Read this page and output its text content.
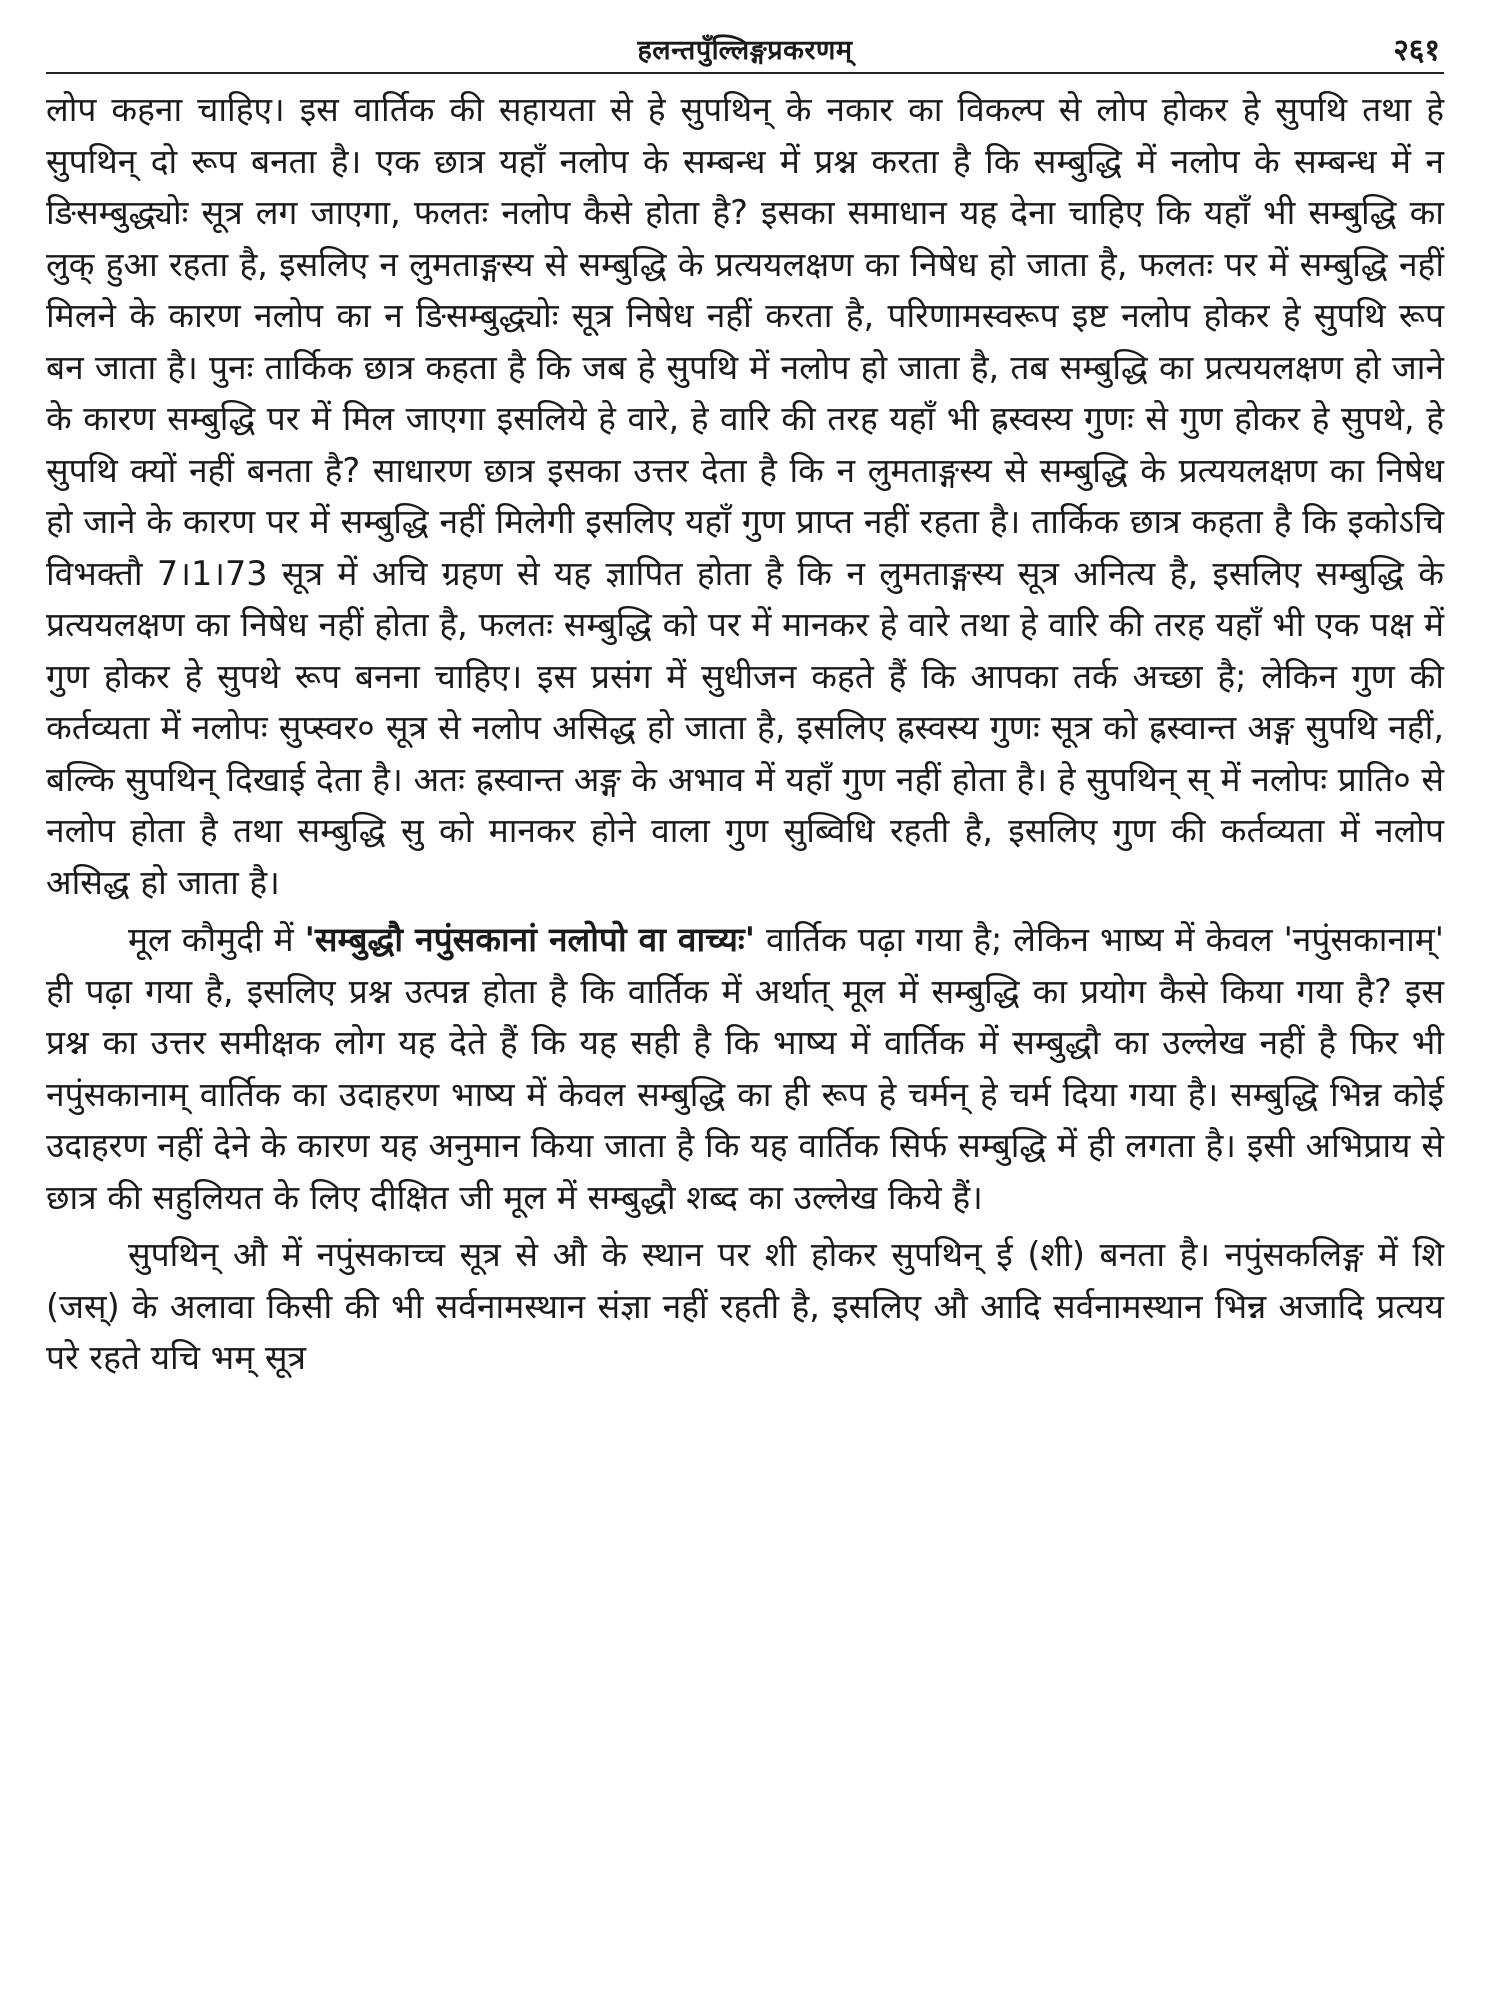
हलन्तपुँल्लिङ्गप्रकरणम्	२६१

लोप कहना चाहिए। इस वार्तिक की सहायता से हे सुपथिन् के नकार का विकल्प से लोप होकर हे सुपथि तथा हे सुपथिन् दो रूप बनता है। एक छात्र यहाँ नलोप के सम्बन्ध में प्रश्न करता है कि सम्बुद्धि में नलोप के सम्बन्ध में न ङिसम्बुद्ध्योः सूत्र लग जाएगा, फलतः नलोप कैसे होता है? इसका समाधान यह देना चाहिए कि यहाँ भी सम्बुद्धि का लुक् हुआ रहता है, इसलिए न लुमताङ्गस्य से सम्बुद्धि के प्रत्ययलक्षण का निषेध हो जाता है, फलतः पर में सम्बुद्धि नहीं मिलने के कारण नलोप का न ङिसम्बुद्ध्योः सूत्र निषेध नहीं करता है, परिणामस्वरूप इष्ट नलोप होकर हे सुपथि रूप बन जाता है। पुनः तार्किक छात्र कहता है कि जब हे सुपथि में नलोप हो जाता है, तब सम्बुद्धि का प्रत्ययलक्षण हो जाने के कारण सम्बुद्धि पर में मिल जाएगा इसलिये हे वारे, हे वारि की तरह यहाँ भी ह्रस्वस्य गुणः से गुण होकर हे सुपथे, हे सुपथि क्यों नहीं बनता है? साधारण छात्र इसका उत्तर देता है कि न लुमताङ्गस्य से सम्बुद्धि के प्रत्ययलक्षण का निषेध हो जाने के कारण पर में सम्बुद्धि नहीं मिलेगी इसलिए यहाँ गुण प्राप्त नहीं रहता है। तार्किक छात्र कहता है कि इकोऽचि विभक्तौ 7।1।73 सूत्र में अचि ग्रहण से यह ज्ञापित होता है कि न लुमताङ्गस्य सूत्र अनित्य है, इसलिए सम्बुद्धि के प्रत्ययलक्षण का निषेध नहीं होता है, फलतः सम्बुद्धि को पर में मानकर हे वारे तथा हे वारि की तरह यहाँ भी एक पक्ष में गुण होकर हे सुपथे रूप बनना चाहिए। इस प्रसंग में सुधीजन कहते हैं कि आपका तर्क अच्छा है; लेकिन गुण की कर्तव्यता में नलोपः सुप्स्वर० सूत्र से नलोप असिद्ध हो जाता है, इसलिए ह्रस्वस्य गुणः सूत्र को ह्रस्वान्त अङ्ग सुपथि नहीं, बल्कि सुपथिन् दिखाई देता है। अतः ह्रस्वान्त अङ्ग के अभाव में यहाँ गुण नहीं होता है। हे सुपथिन् स् में नलोपः प्राति० से नलोप होता है तथा सम्बुद्धि सु को मानकर होने वाला गुण सुब्विधि रहती है, इसलिए गुण की कर्तव्यता में नलोप असिद्ध हो जाता है।

मूल कौमुदी में 'सम्बुद्धौ नपुंसकानां नलोपो वा वाच्यः' वार्तिक पढ़ा गया है; लेकिन भाष्य में केवल 'नपुंसकानाम्' ही पढ़ा गया है, इसलिए प्रश्न उत्पन्न होता है कि वार्तिक में अर्थात् मूल में सम्बुद्धि का प्रयोग कैसे किया गया है? इस प्रश्न का उत्तर समीक्षक लोग यह देते हैं कि यह सही है कि भाष्य में वार्तिक में सम्बुद्धौ का उल्लेख नहीं है फिर भी नपुंसकानाम् वार्तिक का उदाहरण भाष्य में केवल सम्बुद्धि का ही रूप हे चर्मन् हे चर्म दिया गया है। सम्बुद्धि भिन्न कोई उदाहरण नहीं देने के कारण यह अनुमान किया जाता है कि यह वार्तिक सिर्फ सम्बुद्धि में ही लगता है। इसी अभिप्राय से छात्र की सहुलियत के लिए दीक्षित जी मूल में सम्बुद्धौ शब्द का उल्लेख किये हैं।

सुपथिन् औ में नपुंसकाच्च सूत्र से औ के स्थान पर शी होकर सुपथिन् ई (शी) बनता है। नपुंसकलिङ्ग में शि (जस्) के अलावा किसी की भी सर्वनामस्थान संज्ञा नहीं रहती है, इसलिए औ आदि सर्वनामस्थान भिन्न अजादि प्रत्यय परे रहते यचि भम् सूत्र
